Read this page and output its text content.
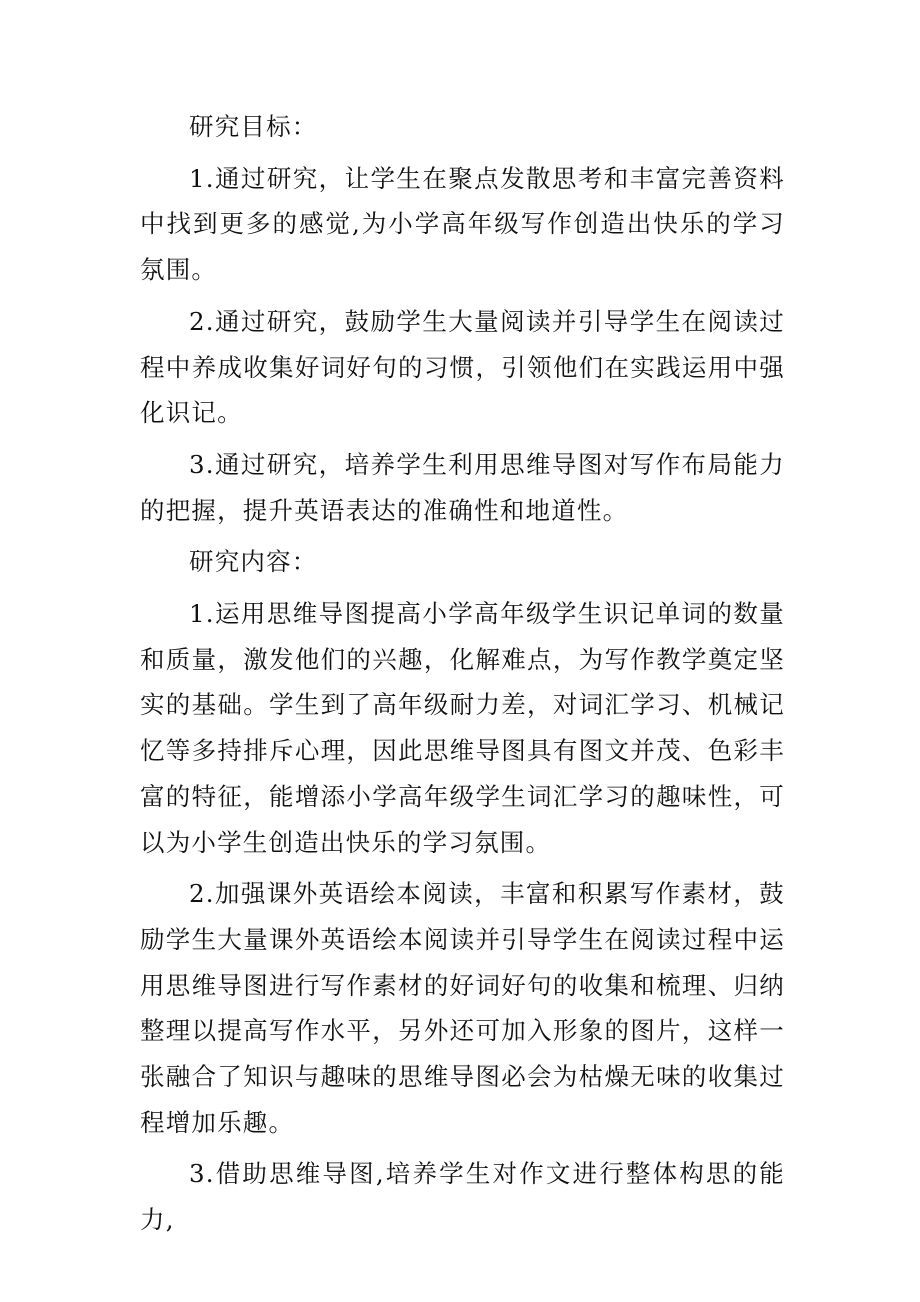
研究目标：

1.通过研究，让学生在聚点发散思考和丰富完善资料中找到更多的感觉,为小学高年级写作创造出快乐的学习氛围。

2.通过研究，鼓励学生大量阅读并引导学生在阅读过程中养成收集好词好句的习惯，引领他们在实践运用中强化识记。

3.通过研究，培养学生利用思维导图对写作布局能力的把握，提升英语表达的准确性和地道性。

研究内容：

1.运用思维导图提高小学高年级学生识记单词的数量和质量，激发他们的兴趣，化解难点，为写作教学奠定坚实的基础。学生到了高年级耐力差，对词汇学习、机械记忆等多持排斥心理，因此思维导图具有图文并茂、色彩丰富的特征，能增添小学高年级学生词汇学习的趣味性，可以为小学生创造出快乐的学习氛围。

2.加强课外英语绘本阅读，丰富和积累写作素材，鼓励学生大量课外英语绘本阅读并引导学生在阅读过程中运用思维导图进行写作素材的好词好句的收集和梳理、归纳整理以提高写作水平，另外还可加入形象的图片，这样一张融合了知识与趣味的思维导图必会为枯燥无味的收集过程增加乐趣。

3.借助思维导图,培养学生对作文进行整体构思的能力,
